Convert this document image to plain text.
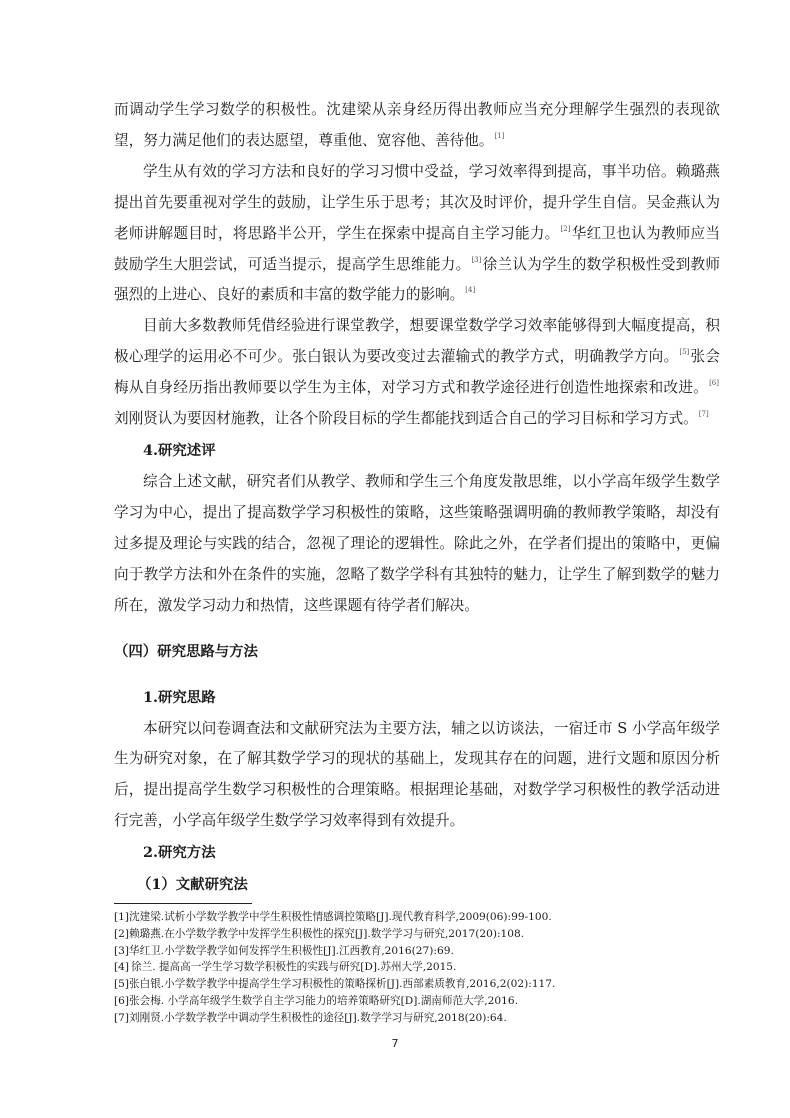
而调动学生学习数学的积极性。沈建梁从亲身经历得出教师应当充分理解学生强烈的表现欲望，努力满足他们的表达愿望，尊重他、宽容他、善待他。[1]

学生从有效的学习方法和良好的学习习惯中受益，学习效率得到提高，事半功倍。赖璐燕提出首先要重视对学生的鼓励，让学生乐于思考；其次及时评价，提升学生自信。吴金燕认为老师讲解题目时，将思路半公开，学生在探索中提高自主学习能力。[2]华红卫也认为教师应当鼓励学生大胆尝试，可适当提示，提高学生思维能力。[3]徐兰认为学生的数学积极性受到教师强烈的上进心、良好的素质和丰富的数学能力的影响。[4]

目前大多数教师凭借经验进行课堂教学，想要课堂数学学习效率能够得到大幅度提高，积极心理学的运用必不可少。张白银认为要改变过去灌输式的教学方式，明确教学方向。[5]张会梅从自身经历指出教师要以学生为主体，对学习方式和教学途径进行创造性地探索和改进。[6]刘刚贤认为要因材施教，让各个阶段目标的学生都能找到适合自己的学习目标和学习方式。[7]

4.研究述评

综合上述文献，研究者们从教学、教师和学生三个角度发散思维，以小学高年级学生数学学习为中心，提出了提高数学学习积极性的策略，这些策略强调明确的教师教学策略，却没有过多提及理论与实践的结合，忽视了理论的逻辑性。除此之外，在学者们提出的策略中，更偏向于教学方法和外在条件的实施，忽略了数学学科有其独特的魅力，让学生了解到数学的魅力所在，激发学习动力和热情，这些课题有待学者们解决。

（四）研究思路与方法
1.研究思路

本研究以问卷调查法和文献研究法为主要方法，辅之以访谈法，一宿迁市 S 小学高年级学生为研究对象，在了解其数学学习的现状的基础上，发现其存在的问题，进行文题和原因分析后，提出提高学生数学习积极性的合理策略。根据理论基础，对数学学习积极性的教学活动进行完善，小学高年级学生数学学习效率得到有效提升。

2.研究方法
（1）文献研究法
[1]沈建梁.试析小学数学教学中学生积极性情感调控策略[J].现代教育科学,2009(06):99-100.
[2]赖璐燕.在小学数学教学中发挥学生积极性的探究[J].数学学习与研究,2017(20):108.
[3]华红卫.小学数学教学如何发挥学生积极性[J].江西教育,2016(27):69.
[4] 徐兰. 提高高一学生学习数学积极性的实践与研究[D].苏州大学,2015.
[5]张白银.小学数学教学中提高学生学习积极性的策略探析[J].西部素质教育,2016,2(02):117.
[6]张会梅. 小学高年级学生数学自主学习能力的培养策略研究[D].湖南师范大学,2016.
[7]刘刚贤.小学数学教学中调动学生积极性的途径[J].数学学习与研究,2018(20):64.
7
